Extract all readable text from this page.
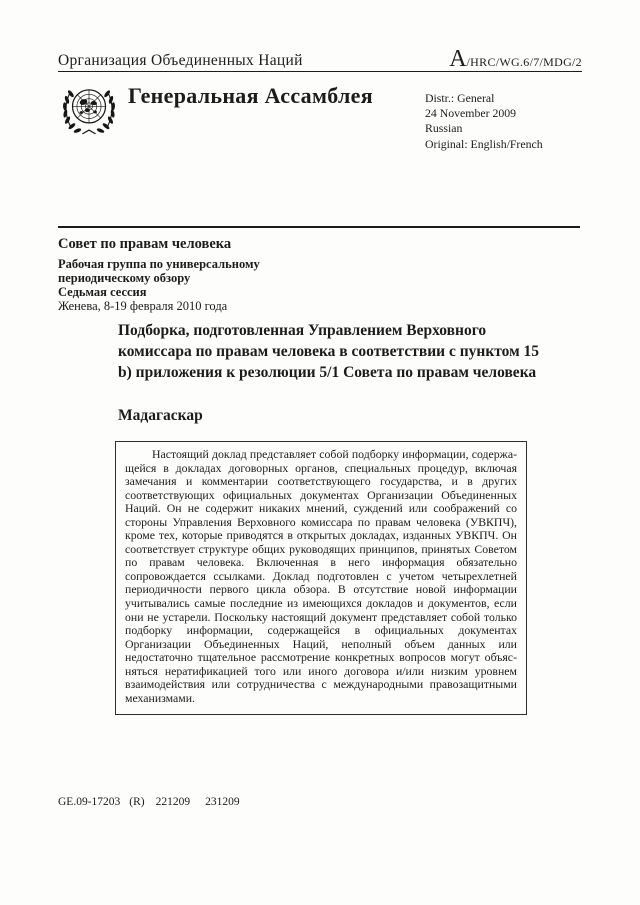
Организация Объединенных Наций	A/HRC/WG.6/7/MDG/2
Генеральная Ассамблея	Distr.: General
24 November 2009
Russian
Original: English/French
Совет по правам человека
Рабочая группа по универсальному
периодическому обзору
Седьмая сессия
Женева, 8-19 февраля 2010 года
Подборка, подготовленная Управлением Верховного комиссара по правам человека в соответствии с пунктом 15 b) приложения к резолюции 5/1 Совета по правам человека
Мадагаскар

Настоящий доклад представляет собой подборку информации, содержащейся в докладах договорных органов, специальных процедур, включая замечания и комментарии соответствующего государства, и в других соответствующих официальных документах Организации Объединенных Наций. Он не содержит никаких мнений, суждений или соображений со стороны Управления Верховного комиссара по правам человека (УВКПЧ), кроме тех, которые приводятся в открытых докладах, изданных УВКПЧ. Он соответствует структуре общих руководящих принципов, принятых Советом по правам человека. Включенная в него информация обязательно сопровождается ссылками. Доклад подготовлен с учетом четырехлетней периодичности первого цикла обзора. В отсутствие новой информации учитывались самые последние из имеющихся докладов и документов, если они не устарели. Поскольку настоящий документ представляет собой только подборку информации, содержащейся в официальных документах Организации Объединенных Наций, неполный объем данных или недостаточно тщательное рассмотрение конкретных вопросов могут объясняться нератификацией того или иного договора и/или низким уровнем взаимодействия или сотрудничества с международными правозащитными механизмами.

GE.09-17203 (R) 221209 231209
